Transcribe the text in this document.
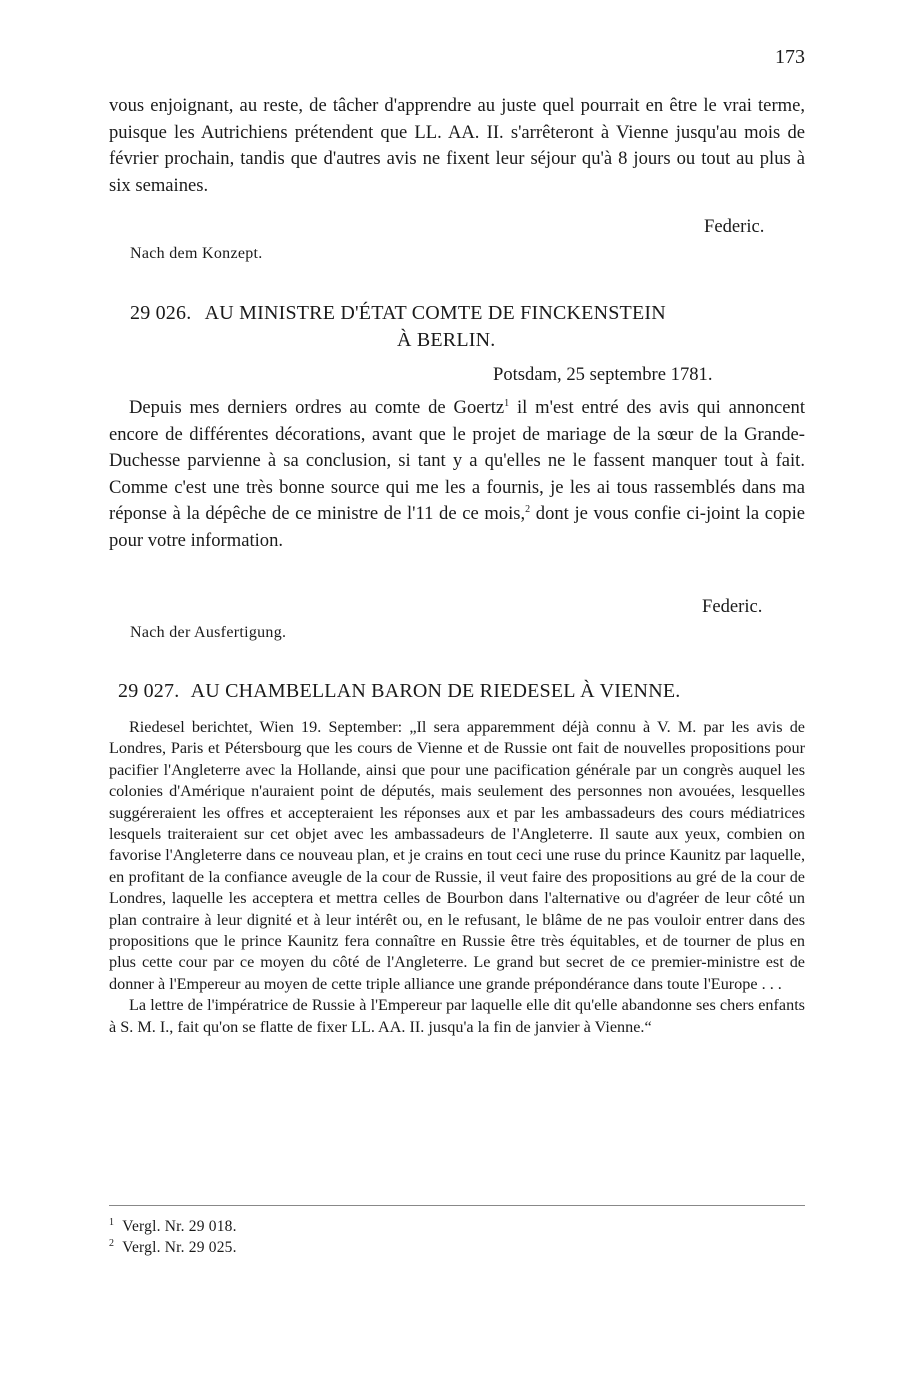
173

vous enjoignant, au reste, de tâcher d'apprendre au juste quel pourrait en être le vrai terme, puisque les Autrichiens prétendent que LL. AA. II. s'arrêteront à Vienne jusqu'au mois de février prochain, tandis que d'autres avis ne fixent leur séjour qu'à 8 jours ou tout au plus à six semaines.

Federic.
Nach dem Konzept.
29 026. AU MINISTRE D'ÉTAT COMTE DE FINCKENSTEIN
À BERLIN.
Potsdam, 25 septembre 1781.

Depuis mes derniers ordres au comte de Goertz$^1$ il m'est entré des avis qui annoncent encore de différentes décorations, avant que le projet de mariage de la sœur de la Grande-Duchesse parvienne à sa conclusion, si tant y a qu'elles ne le fassent manquer tout à fait. Comme c'est une très bonne source qui me les a fournis, je les ai tous rassemblés dans ma réponse à la dépêche de ce ministre de l'11 de ce mois,$^2$ dont je vous confie ci-joint la copie pour votre information.

Federic.
Nach der Ausfertigung.
29 027. AU CHAMBELLAN BARON DE RIEDESEL À VIENNE.

Riedesel berichtet, Wien 19. September: „Il sera apparemment déjà connu à V. M. par les avis de Londres, Paris et Pétersbourg que les cours de Vienne et de Russie ont fait de nouvelles propositions pour pacifier l'Angleterre avec la Hollande, ainsi que pour une pacification générale par un congrès auquel les colonies d'Amérique n'auraient point de députés, mais seulement des personnes non avouées, lesquelles suggéreraient les offres et accepteraient les réponses aux et par les ambassadeurs des cours médiatrices lesquels traiteraient sur cet objet avec les ambassadeurs de l'Angleterre. Il saute aux yeux, combien on favorise l'Angleterre dans ce nouveau plan, et je crains en tout ceci une ruse du prince Kaunitz par laquelle, en profitant de la confiance aveugle de la cour de Russie, il veut faire des propositions au gré de la cour de Londres, laquelle les acceptera et mettra celles de Bourbon dans l'alternative ou d'agréer de leur côté un plan contraire à leur dignité et à leur intérêt ou, en le refusant, le blâme de ne pas vouloir entrer dans des propositions que le prince Kaunitz fera connaître en Russie être très équitables, et de tourner de plus en plus cette cour par ce moyen du côté de l'Angleterre. Le grand but secret de ce premier-ministre est de donner à l'Empereur au moyen de cette triple alliance une grande prépondérance dans toute l'Europe . . .

La lettre de l'impératrice de Russie à l'Empereur par laquelle elle dit qu'elle abandonne ses chers enfants à S. M. I., fait qu'on se flatte de fixer LL. AA. II. jusqu'a la fin de janvier à Vienne.“

$^1$ Vergl. Nr. 29 018.
$^2$ Vergl. Nr. 29 025.
